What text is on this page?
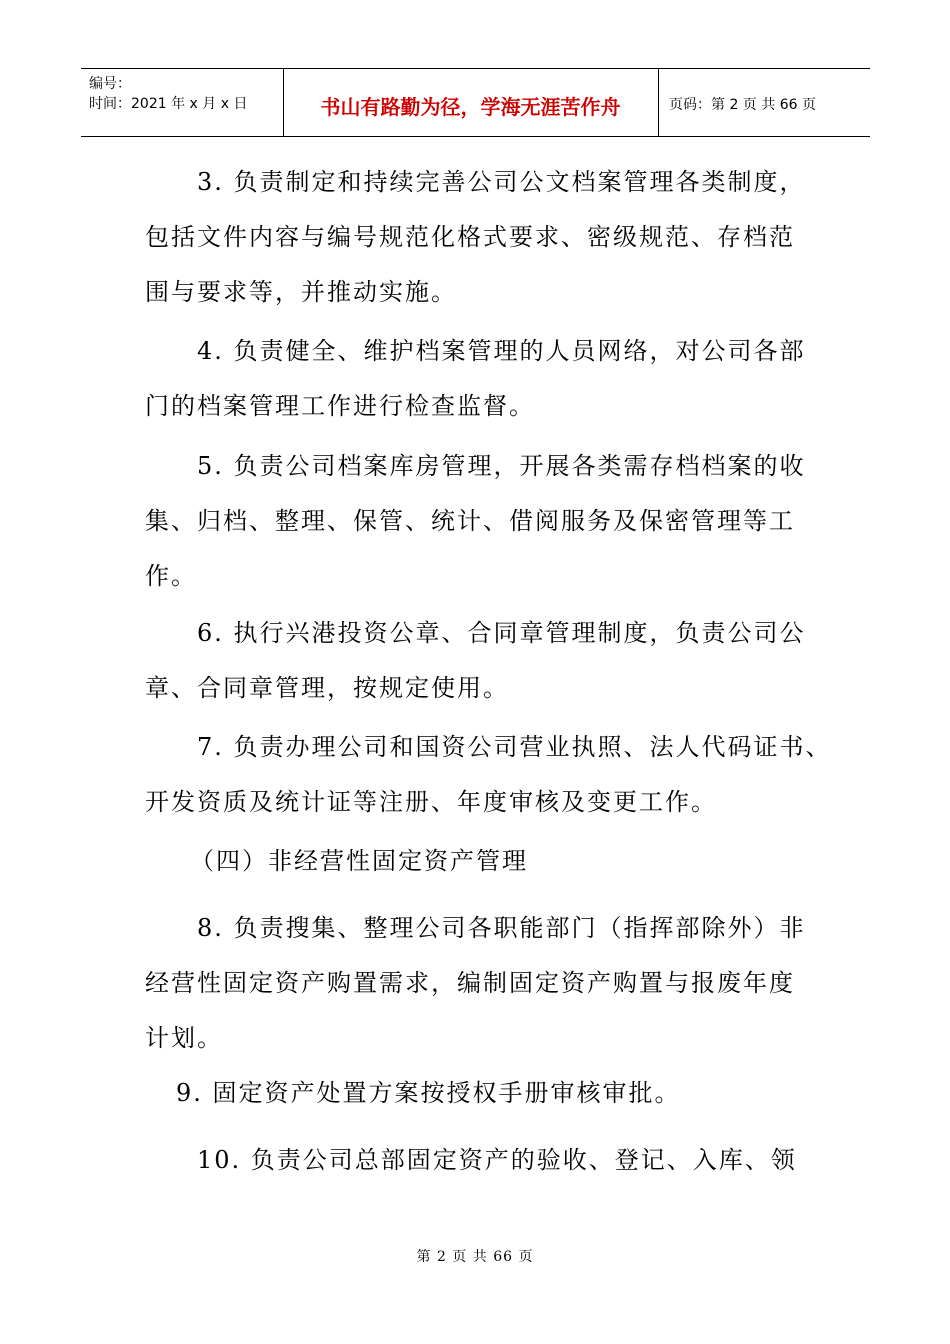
编号：
时间：2021 年 x 月 x 日	书山有路勤为径，学海无涯苦作舟	页码：第 2 页 共 66 页

3. 负责制定和持续完善公司公文档案管理各类制度，
包括文件内容与编号规范化格式要求、密级规范、存档范
围与要求等，并推动实施。

4. 负责健全、维护档案管理的人员网络，对公司各部
门的档案管理工作进行检查监督。

5. 负责公司档案库房管理，开展各类需存档档案的收
集、归档、整理、保管、统计、借阅服务及保密管理等工
作。

6. 执行兴港投资公章、合同章管理制度，负责公司公
章、合同章管理，按规定使用。

7. 负责办理公司和国资公司营业执照、法人代码证书、
开发资质及统计证等注册、年度审核及变更工作。

（四）非经营性固定资产管理

8. 负责搜集、整理公司各职能部门（指挥部除外）非
经营性固定资产购置需求，编制固定资产购置与报废年度
计划。

9. 固定资产处置方案按授权手册审核审批。

10. 负责公司总部固定资产的验收、登记、入库、领

第 2 页 共 66 页
